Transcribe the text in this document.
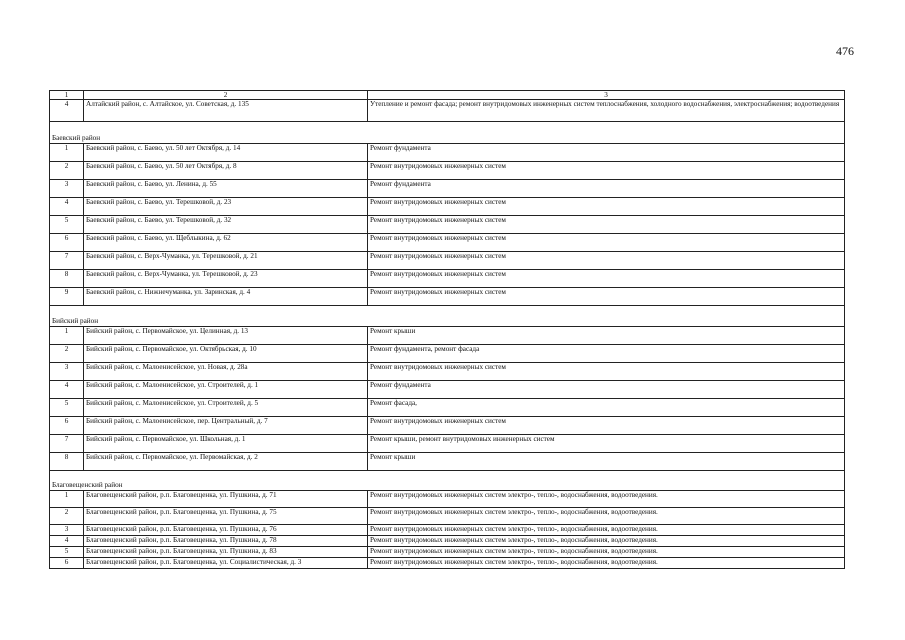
476
1	2	3
4	Алтайский район, с. Алтайское, ул. Советская, д. 135	Утепление и ремонт фасада; ремонт внутридомовых инженерных систем теплоснабжения, холодного водоснабжения, электроснабжения; водоотведения
Баевский район		
1	Баевский район, с. Баево, ул. 50 лет Октября, д. 14	Ремонт фундамента
2	Баевский район, с. Баево, ул. 50 лет Октября, д. 8	Ремонт внутридомовых инженерных систем
3	Баевский район, с. Баево, ул. Ленина, д. 55	Ремонт фундамента
4	Баевский район, с. Баево, ул. Терешковой, д. 23	Ремонт внутридомовых инженерных систем
5	Баевский район, с. Баево, ул. Терешковой, д. 32	Ремонт внутридомовых инженерных систем
6	Баевский район, с. Баево, ул. Щеблыкина, д. 62	Ремонт внутридомовых инженерных систем
7	Баевский район, с. Верх-Чуманка, ул. Терешковой, д. 21	Ремонт внутридомовых инженерных систем
8	Баевский район, с. Верх-Чуманка, ул. Терешковой, д. 23	Ремонт внутридомовых инженерных систем
9	Баевский район, с. Нижнечуманка, ул. Заринская, д. 4	Ремонт внутридомовых инженерных систем
Бийский район		
1	Бийский район, с. Первомайское, ул. Целинная, д. 13	Ремонт крыши
2	Бийский район, с. Первомайское, ул. Октябрьская, д. 10	Ремонт фундамента, ремонт фасада
3	Бийский район, с. Малоенисейское, ул. Новая, д. 28а	Ремонт внутридомовых инженерных систем
4	Бийский район, с. Малоенисейское, ул. Строителей, д. 1	Ремонт фундамента
5	Бийский район, с. Малоенисейское, ул. Строителей, д. 5	Ремонт фасада,
6	Бийский район, с. Малоенисейское, пер. Центральный, д. 7	Ремонт внутридомовых инженерных систем
7	Бийский район, с. Первомайское, ул. Школьная, д. 1	Ремонт крыши, ремонт внутридомовых инженерных систем
8	Бийский район, с. Первомайское, ул. Первомайская, д. 2	Ремонт крыши
Благовещенский район		
1	Благовещенский район, р.п. Благовещенка, ул. Пушкина, д. 71	Ремонт внутридомовых инженерных систем электро-, тепло-, водоснабжения, водоотведения.
2	Благовещенский район, р.п. Благовещенка, ул. Пушкина, д. 75	Ремонт внутридомовых инженерных систем электро-, тепло-, водоснабжения, водоотведения.
3	Благовещенский район, р.п. Благовещенка, ул. Пушкина, д. 76	Ремонт внутридомовых инженерных систем электро-, тепло-, водоснабжения, водоотведения.
4	Благовещенский район, р.п. Благовещенка, ул. Пушкина, д. 78	Ремонт внутридомовых инженерных систем электро-, тепло-, водоснабжения, водоотведения.
5	Благовещенский район, р.п. Благовещенка, ул. Пушкина, д. 83	Ремонт внутридомовых инженерных систем электро-, тепло-, водоснабжения, водоотведения.
6	Благовещенский район, р.п. Благовещенка, ул. Социалистическая, д. 3	Ремонт внутридомовых инженерных систем электро-, тепло-, водоснабжения, водоотведения.
